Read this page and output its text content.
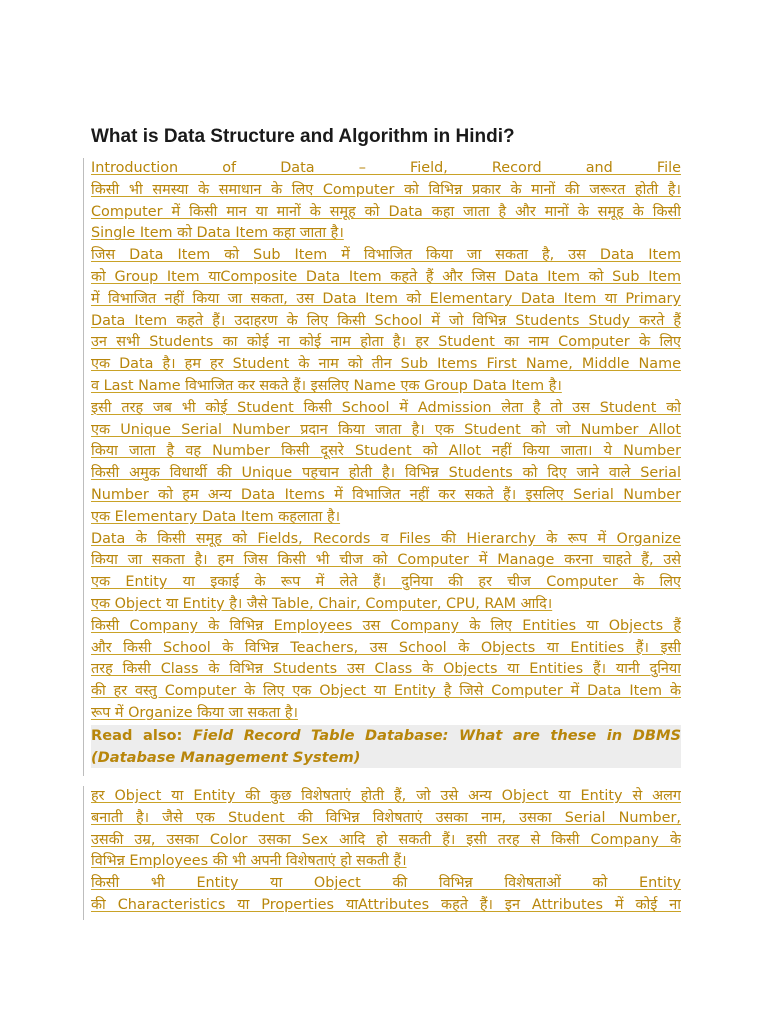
What is Data Structure and Algorithm in Hindi?
Introduction of Data – Field, Record and File
किसी भी समस्या के समाधान के लिए Computer को विभिन्न प्रकार के मानों की जरूरत होती है।
Computer में किसी मान या मानों के समूह को Data कहा जाता है और मानों के समूह के किसी
Single Item को Data Item कहा जाता है।
जिस Data Item को Sub Item में विभाजित किया जा सकता है, उस Data Item
को Group Item याComposite Data Item कहते हैं और जिस Data Item को Sub Item
में विभाजित नहीं किया जा सकता, उस Data Item को Elementary Data Item या Primary
Data Item कहते हैं। उदाहरण के लिए किसी School में जो विभिन्न Students Study करते हैं
उन सभी Students का कोई ना कोई नाम होता है। हर Student का नाम Computer के लिए
एक Data है। हम हर Student के नाम को तीन Sub Items First Name, Middle Name
व Last Name विभाजित कर सकते हैं। इसलिए Name एक Group Data Item है।
इसी तरह जब भी कोई Student किसी School में Admission लेता है तो उस Student को
एक Unique Serial Number प्रदान किया जाता है। एक Student को जो Number Allot
किया जाता है वह Number किसी दूसरे Student को Allot नहीं किया जाता। ये Number
किसी अमुक विधार्थी की Unique पहचान होती है। विभिन्न Students को दिए जाने वाले Serial
Number को हम अन्य Data Items में विभाजित नहीं कर सकते हैं। इसलिए Serial Number
एक Elementary Data Item कहलाता है।
Data के किसी समूह को Fields, Records व Files की Hierarchy के रूप में Organize
किया जा सकता है। हम जिस किसी भी चीज को Computer में Manage करना चाहते हैं, उसे
एक Entity या इकाई के रूप में लेते हैं। दुनिया की हर चीज Computer के लिए
एक Object या Entity है। जैसे Table, Chair, Computer, CPU, RAM आदि।
किसी Company के विभिन्न Employees उस Company के लिए Entities या Objects हैं
और किसी School के विभिन्न Teachers, उस School के Objects या Entities हैं। इसी
तरह किसी Class के विभिन्न Students उस Class के Objects या Entities हैं। यानी दुनिया
की हर वस्तु Computer के लिए एक Object या Entity है जिसे Computer में Data Item के
रूप में Organize किया जा सकता है।
Read also: Field Record Table Database: What are these in DBMS
(Database Management System)
हर Object या Entity की कुछ विशेषताएं होती हैं, जो उसे अन्य Object या Entity से अलग
बनाती है। जैसे एक Student की विभिन्न विशेषताएं उसका नाम, उसका Serial Number,
उसकी उम्र, उसका Color उसका Sex आदि हो सकती हैं। इसी तरह से किसी Company के
विभिन्न Employees की भी अपनी विशेषताएं हो सकती हैं।
किसी भी Entity या Object की विभिन्न विशेषताओं को Entity
की Characteristics या Properties याAttributes कहते हैं। इन Attributes में कोई ना
